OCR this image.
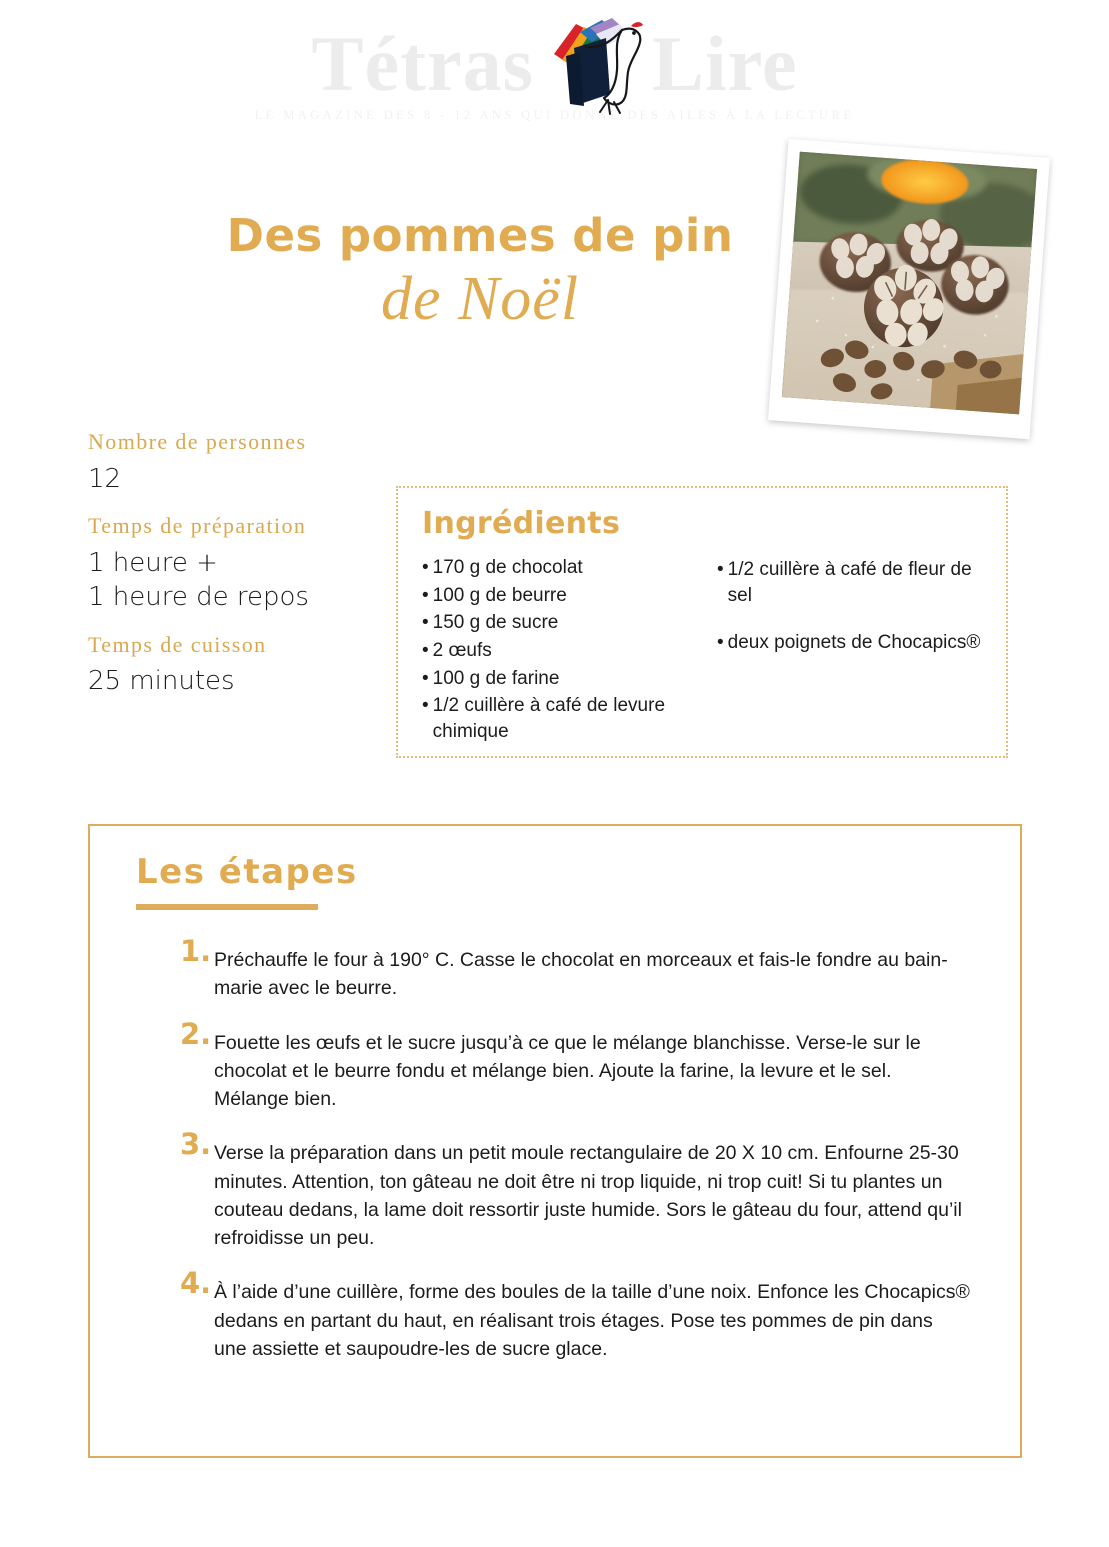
Tétras Lire
LE MAGAZINE DES 8 - 12 ANS QUI DONNE DES AILES À LA LECTURE
Des pommes de pin
de Noël
Nombre de personnes
12
Temps de préparation
1 heure +
1 heure de repos
Temps de cuisson
25 minutes
Ingrédients
• 170 g de chocolat
• 100 g de beurre
• 150 g de sucre
• 2 œufs
• 100 g de farine
• 1/2 cuillère à café de levure chimique
• 1/2 cuillère à café de fleur de sel
• deux poignets de Chocapics®
Les étapes
1. Préchauffe le four à 190° C. Casse le chocolat en morceaux et fais-le fondre au bain-marie avec le beurre.
2. Fouette les œufs et le sucre jusqu’à ce que le mélange blanchisse. Verse-le sur le chocolat et le beurre fondu et mélange bien. Ajoute la farine, la levure et le sel. Mélange bien.
3. Verse la préparation dans un petit moule rectangulaire de 20 X 10 cm. Enfourne 25-30 minutes. Attention, ton gâteau ne doit être ni trop liquide, ni trop cuit! Si tu plantes un couteau dedans, la lame doit ressortir juste humide. Sors le gâteau du four, attend qu’il refroidisse un peu.
4. À l’aide d’une cuillère, forme des boules de la taille d’une noix. Enfonce les Chocapics® dedans en partant du haut, en réalisant trois étages. Pose tes pommes de pin dans une assiette et saupoudre-les de sucre glace.
